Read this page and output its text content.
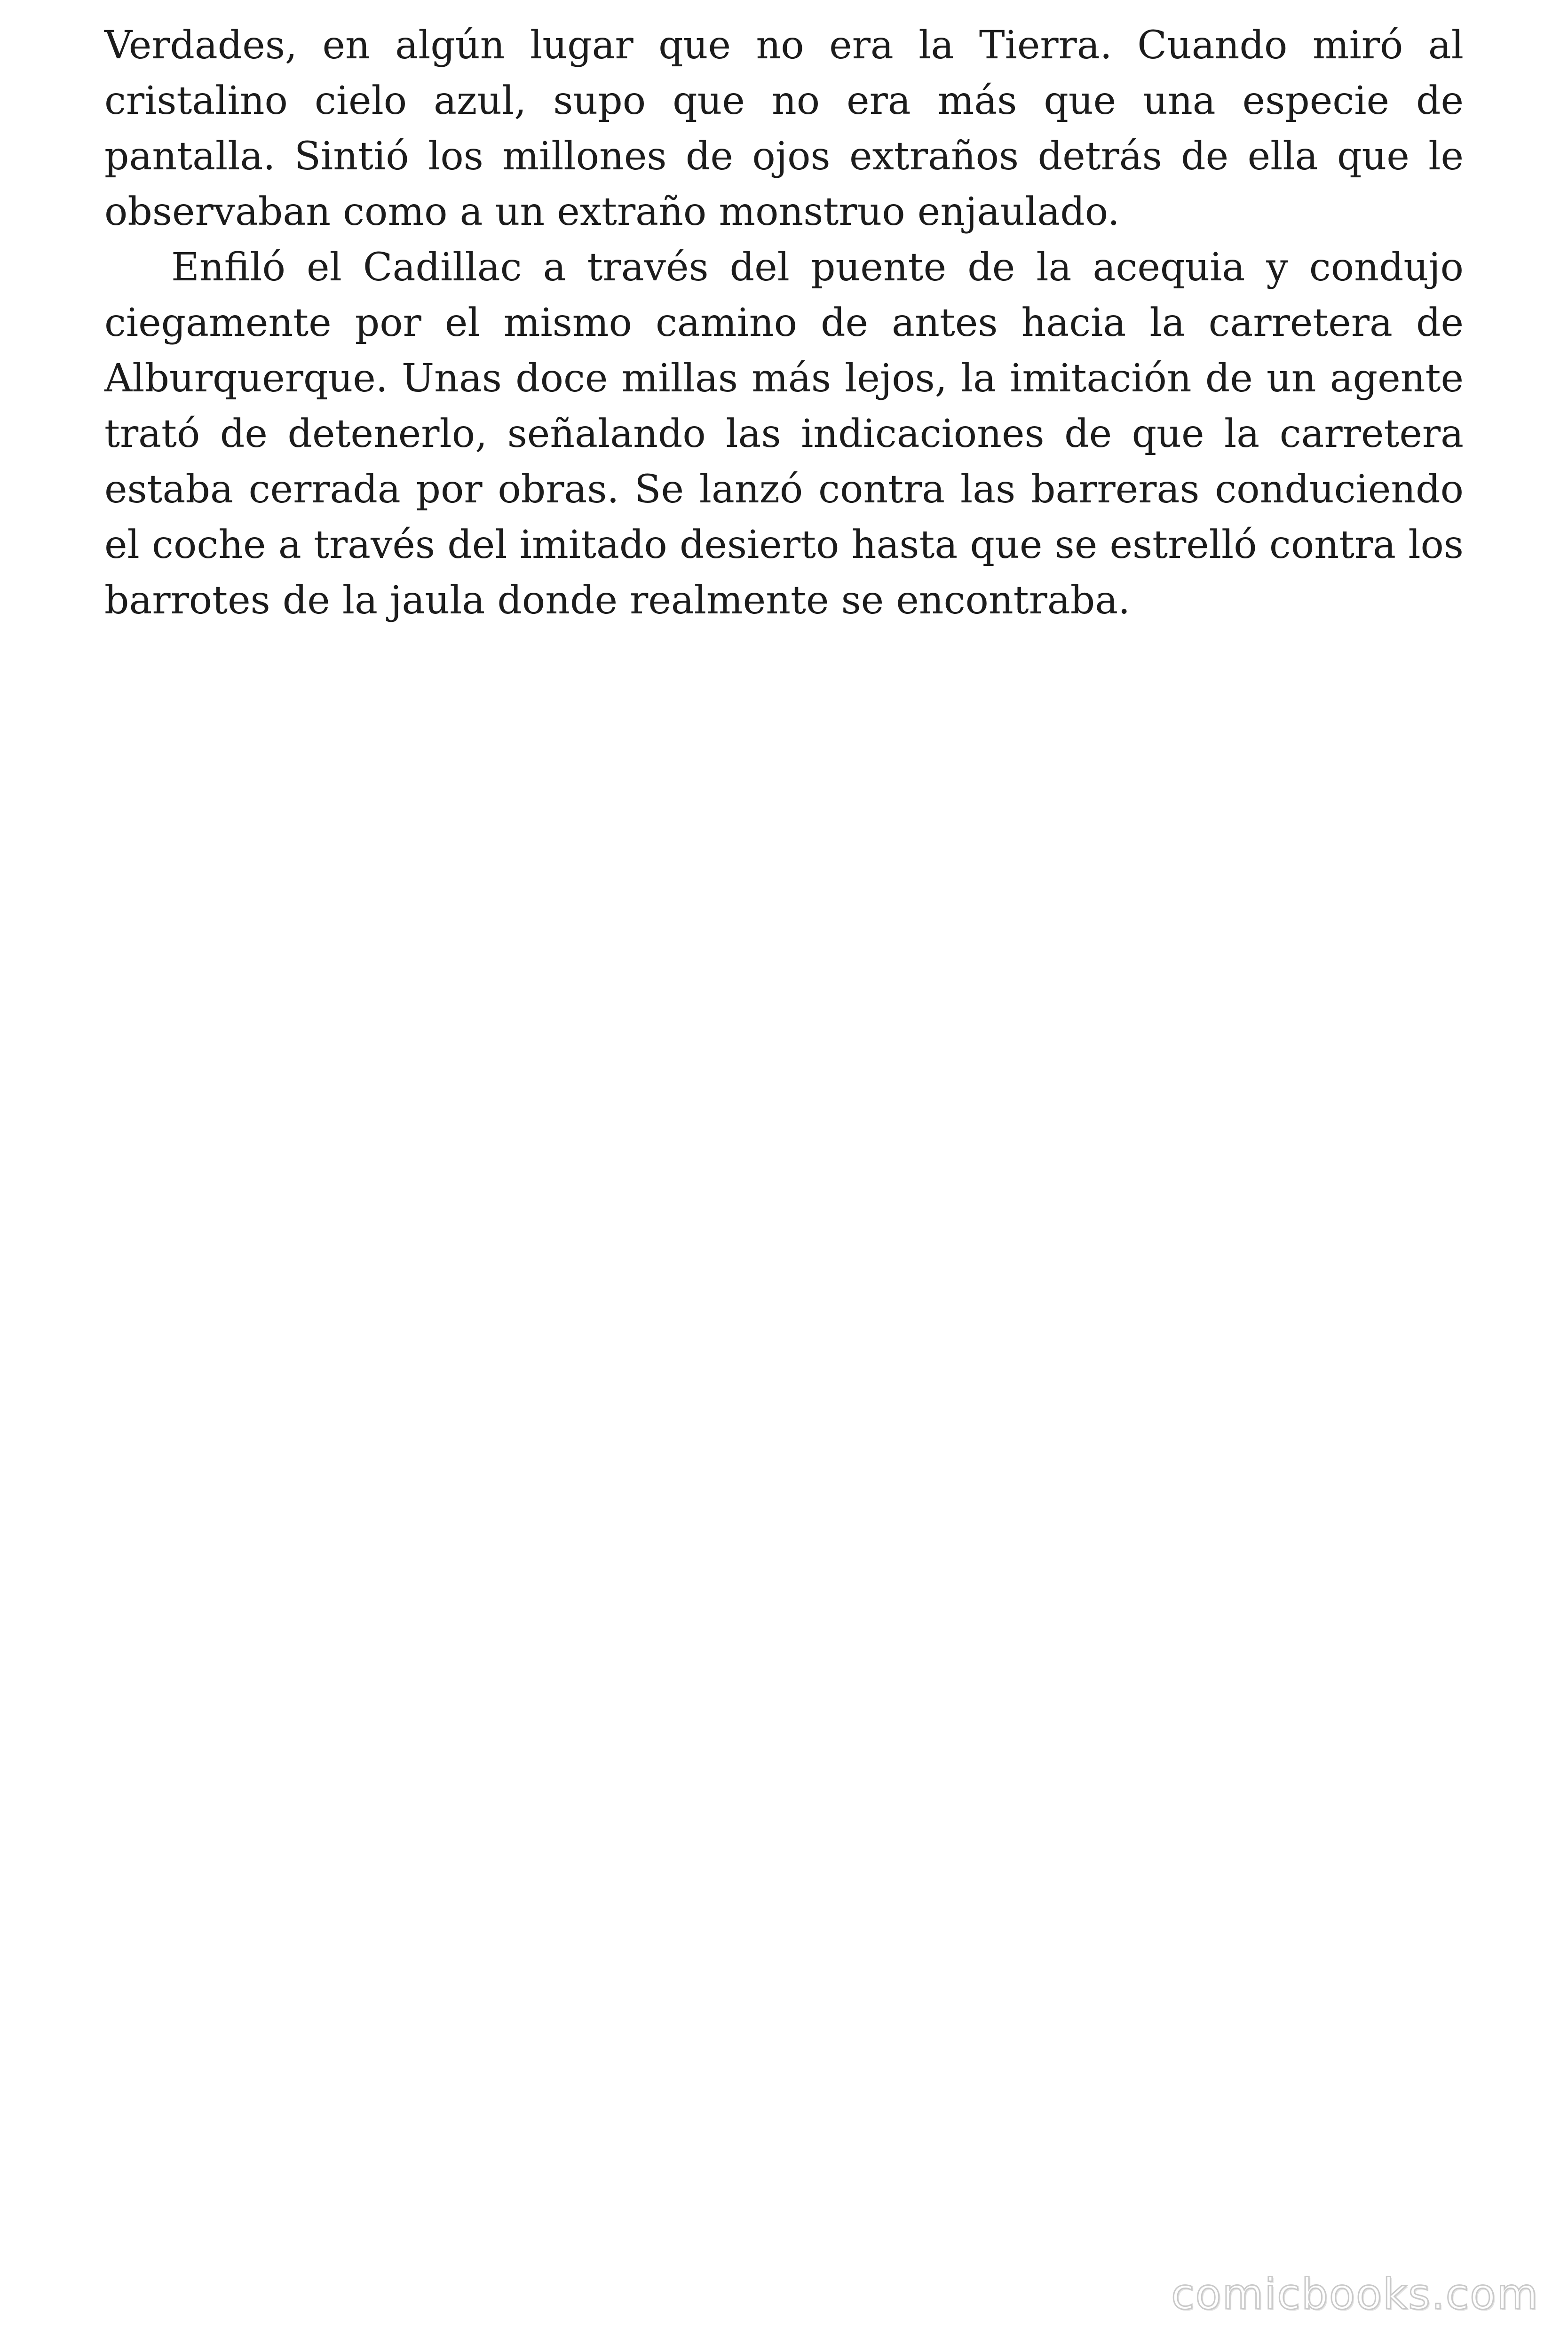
Verdades, en algún lugar que no era la Tierra. Cuando miró al cristalino cielo azul, supo que no era más que una especie de pantalla. Sintió los millones de ojos extraños detrás de ella que le observaban como a un extraño monstruo enjaulado.

Enfiló el Cadillac a través del puente de la acequia y condujo ciegamente por el mismo camino de antes hacia la carretera de Alburquerque. Unas doce millas más lejos, la imitación de un agente trató de detenerlo, señalando las indicaciones de que la carretera estaba cerrada por obras. Se lanzó contra las barreras conduciendo el coche a través del imitado desierto hasta que se estrelló contra los barrotes de la jaula donde realmente se encontraba.

comicbooks.com
